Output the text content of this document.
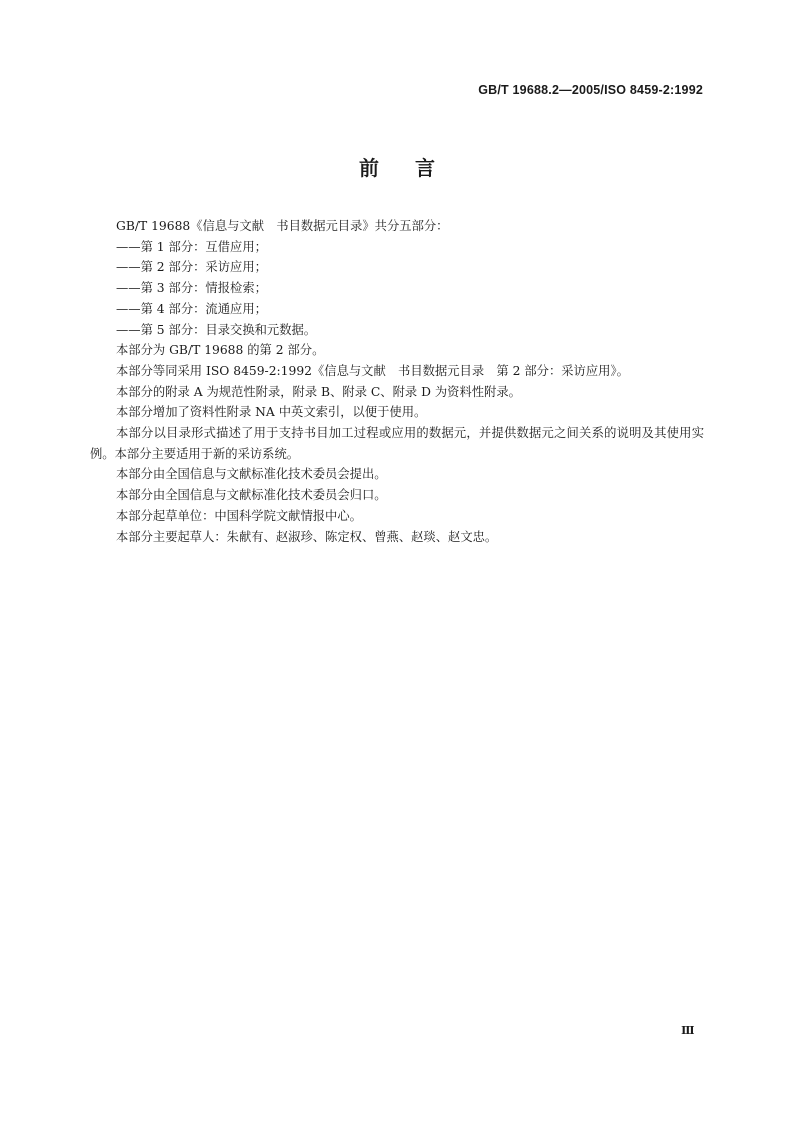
GB/T 19688.2—2005/ISO 8459-2:1992
前言

GB/T 19688《信息与文献　书目数据元目录》共分五部分：

——第 1 部分：互借应用；

——第 2 部分：采访应用；

——第 3 部分：情报检索；

——第 4 部分：流通应用；

——第 5 部分：目录交换和元数据。

本部分为 GB/T 19688 的第 2 部分。

本部分等同采用 ISO 8459-2:1992《信息与文献　书目数据元目录　第 2 部分：采访应用》。

本部分的附录 A 为规范性附录，附录 B、附录 C、附录 D 为资料性附录。

本部分增加了资料性附录 NA 中英文索引，以便于使用。

本部分以目录形式描述了用于支持书目加工过程或应用的数据元，并提供数据元之间关系的说明及其使用实例。本部分主要适用于新的采访系统。

本部分由全国信息与文献标准化技术委员会提出。

本部分由全国信息与文献标准化技术委员会归口。

本部分起草单位：中国科学院文献情报中心。

本部分主要起草人：朱献有、赵淑珍、陈定权、曾燕、赵琰、赵文忠。

Ⅲ
